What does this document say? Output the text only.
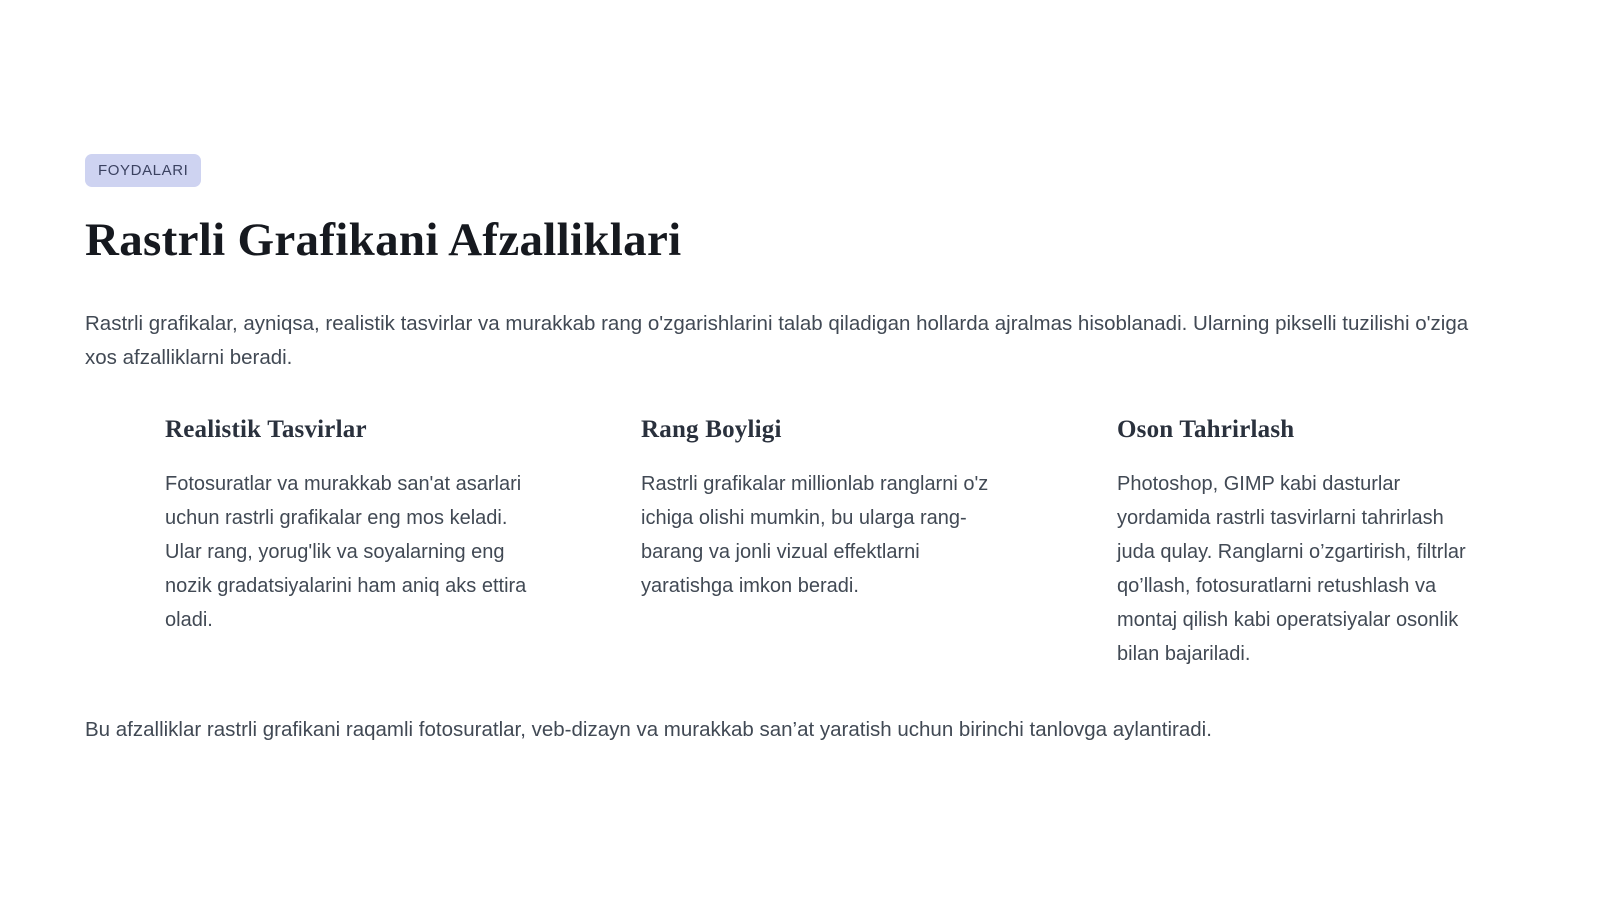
FOYDALARI
Rastrli Grafikani Afzalliklari

Rastrli grafikalar, ayniqsa, realistik tasvirlar va murakkab rang o'zgarishlarini talab qiladigan hollarda ajralmas hisoblanadi. Ularning pikselli tuzilishi o'ziga xos afzalliklarni beradi.

Realistik Tasvirlar

Fotosuratlar va murakkab san'at asarlari uchun rastrli grafikalar eng mos keladi. Ular rang, yorug'lik va soyalarning eng nozik gradatsiyalarini ham aniq aks ettira oladi.

Rang Boyligi

Rastrli grafikalar millionlab ranglarni o'z ichiga olishi mumkin, bu ularga rang-barang va jonli vizual effektlarni yaratishga imkon beradi.

Oson Tahrirlash

Photoshop, GIMP kabi dasturlar yordamida rastrli tasvirlarni tahrirlash juda qulay. Ranglarni o’zgartirish, filtrlar qo’llash, fotosuratlarni retushlash va montaj qilish kabi operatsiyalar osonlik bilan bajariladi.

Bu afzalliklar rastrli grafikani raqamli fotosuratlar, veb-dizayn va murakkab san’at yaratish uchun birinchi tanlovga aylantiradi.
